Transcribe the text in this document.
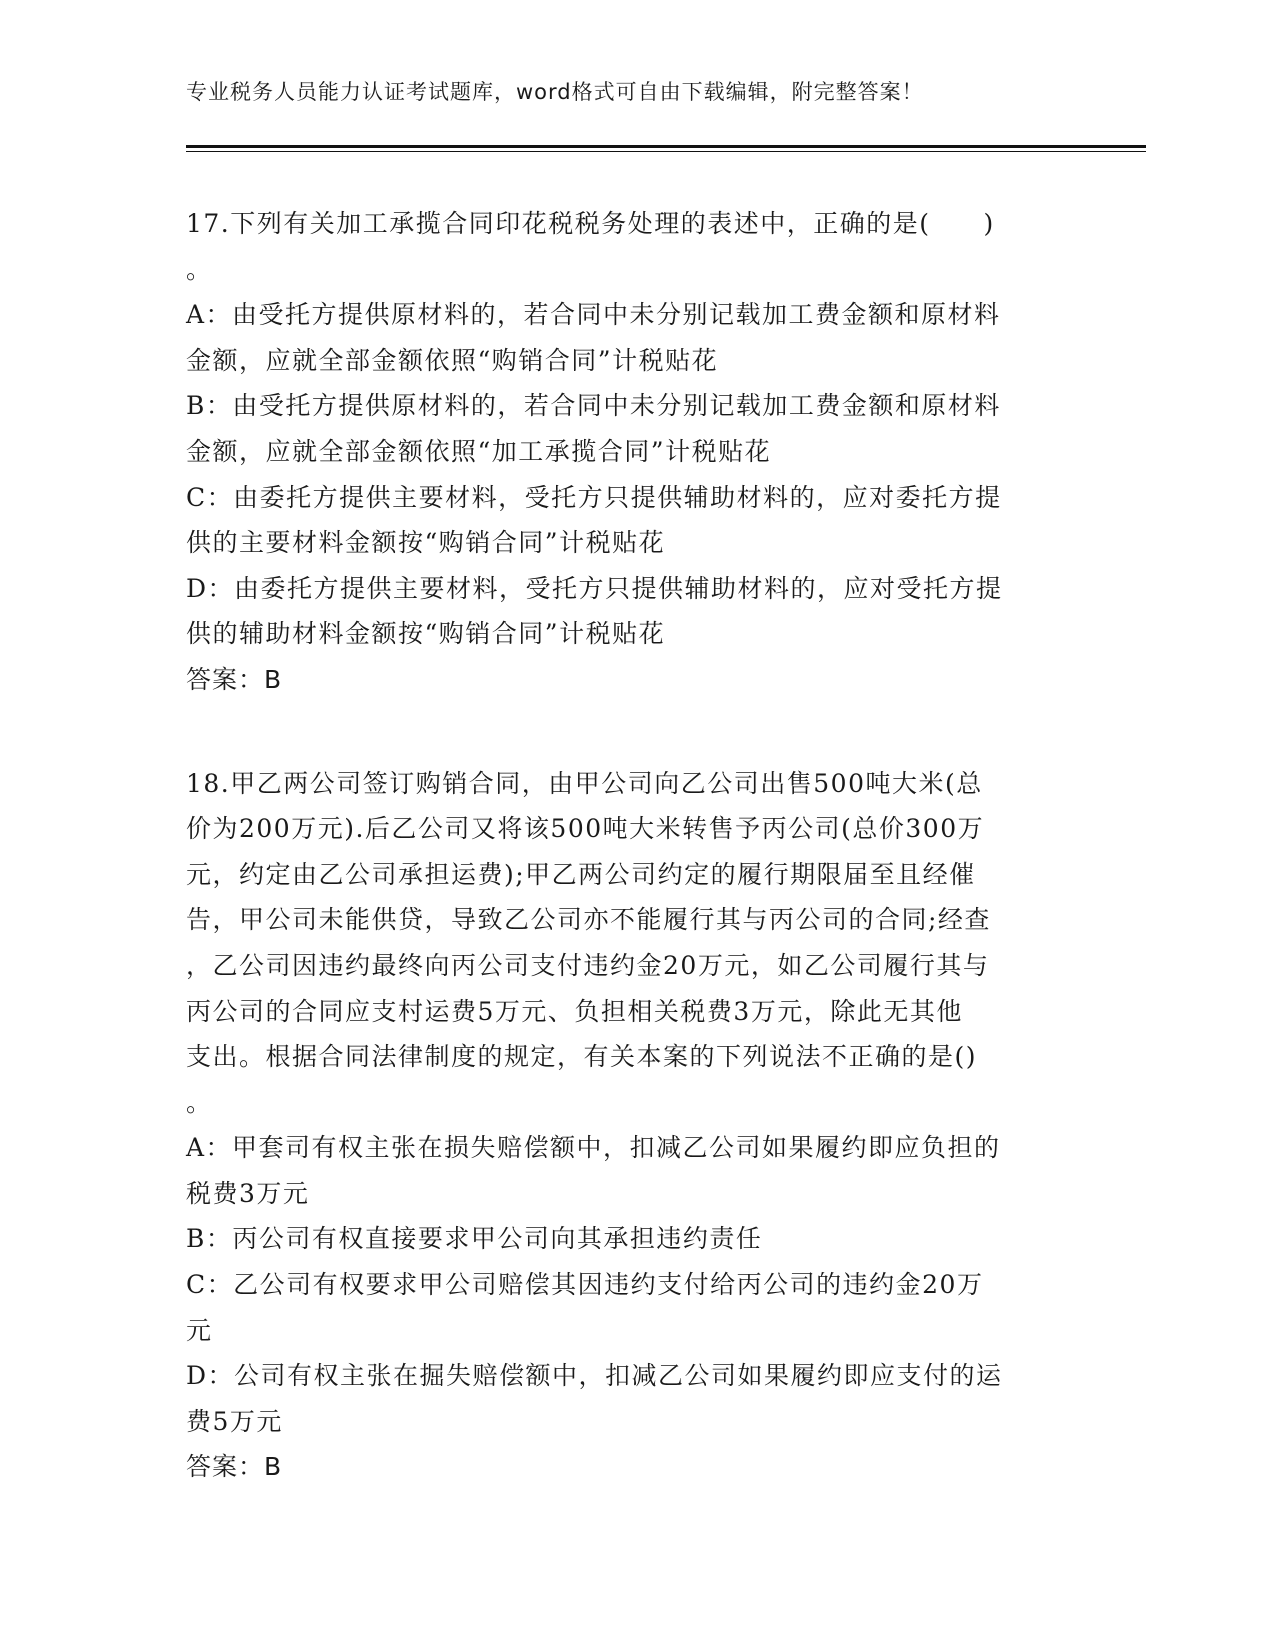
专业税务人员能力认证考试题库，word格式可自由下载编辑，附完整答案！
17.下列有关加工承揽合同印花税税务处理的表述中，正确的是(　　)
。
A：由受托方提供原材料的，若合同中未分别记载加工费金额和原材料
金额，应就全部金额依照“购销合同”计税贴花
B：由受托方提供原材料的，若合同中未分别记载加工费金额和原材料
金额，应就全部金额依照“加工承揽合同”计税贴花
C：由委托方提供主要材料，受托方只提供辅助材料的，应对委托方提
供的主要材料金额按“购销合同”计税贴花
D：由委托方提供主要材料，受托方只提供辅助材料的，应对受托方提
供的辅助材料金额按“购销合同”计税贴花
答案：B
18.甲乙两公司签订购销合同，由甲公司向乙公司出售500吨大米(总
价为200万元).后乙公司又将该500吨大米转售予丙公司(总价300万
元，约定由乙公司承担运费);甲乙两公司约定的履行期限届至且经催
告，甲公司未能供贷，导致乙公司亦不能履行其与丙公司的合同;经查
，乙公司因违约最终向丙公司支付违约金20万元，如乙公司履行其与
丙公司的合同应支村运费5万元、负担相关税费3万元，除此无其他
支出。根据合同法律制度的规定，有关本案的下列说法不正确的是()
。
A：甲套司有权主张在损失赔偿额中，扣减乙公司如果履约即应负担的
税费3万元
B：丙公司有权直接要求甲公司向其承担违约责任
C：乙公司有权要求甲公司赔偿其因违约支付给丙公司的违约金20万
元
D：公司有权主张在掘失赔偿额中，扣减乙公司如果履约即应支付的运
费5万元
答案：B
